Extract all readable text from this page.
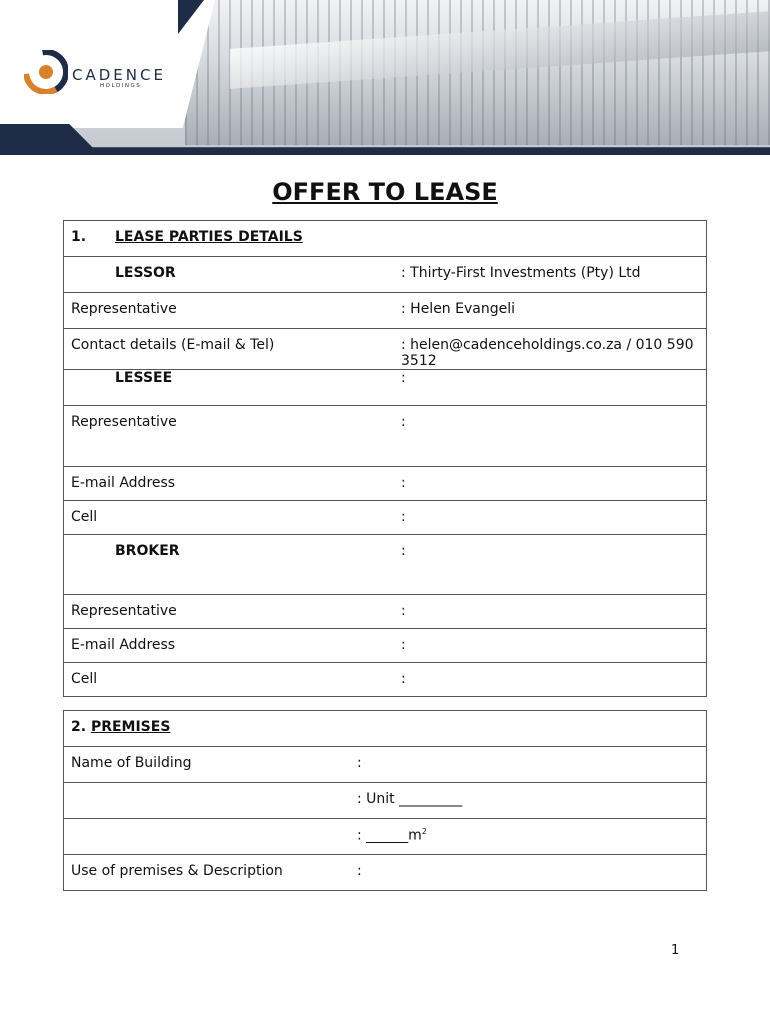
CADENCE
HOLDINGS
OFFER TO LEASE
1. LEASE PARTIES DETAILS	
LESSOR	: Thirty-First Investments (Pty) Ltd
Representative	: Helen Evangeli
Contact details (E-mail & Tel)	: helen@cadenceholdings.co.za / 010 590 3512
LESSEE	:
Representative	:
E-mail Address	:
Cell	:
BROKER	:
Representative	:
E-mail Address	:
Cell	:
2. PREMISES	
Name of Building	:
	: Unit _________
	: $\_\_\_\_\_\_m^2$
Use of premises & Description	:
1
